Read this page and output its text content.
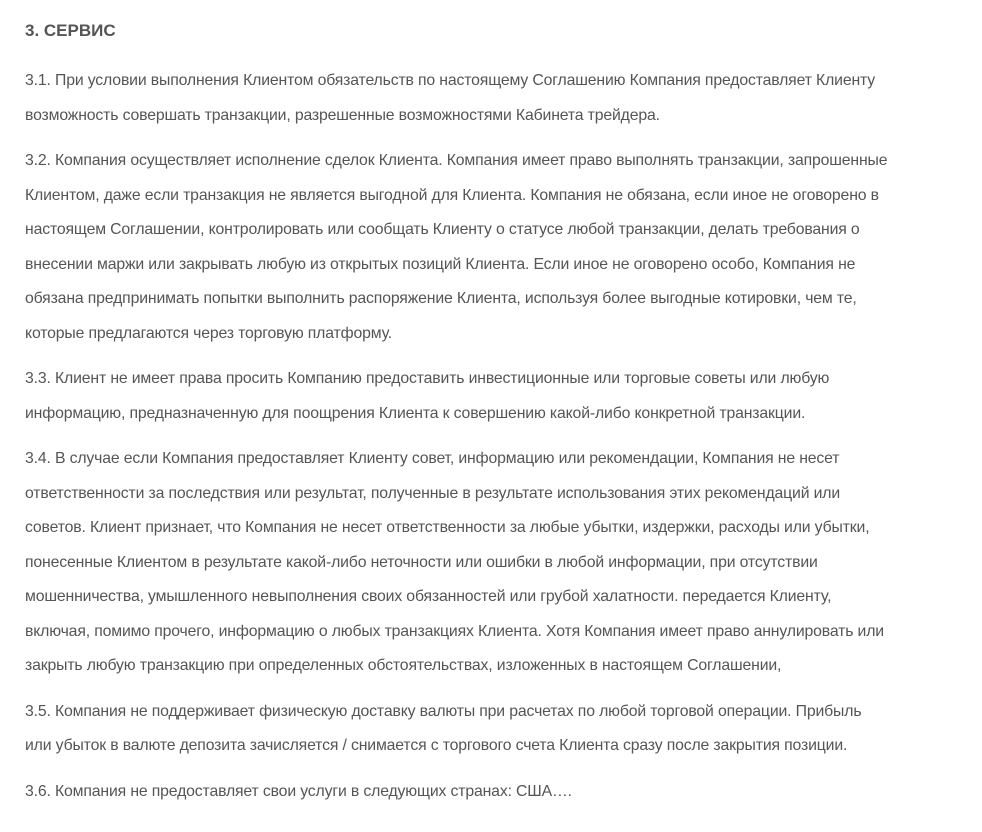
3. СЕРВИС

3.1. При условии выполнения Клиентом обязательств по настоящему Соглашению Компания предоставляет Клиенту
возможность совершать транзакции, разрешенные возможностями Кабинета трейдера.

3.2. Компания осуществляет исполнение сделок Клиента. Компания имеет право выполнять транзакции, запрошенные
Клиентом, даже если транзакция не является выгодной для Клиента. Компания не обязана, если иное не оговорено в
настоящем Соглашении, контролировать или сообщать Клиенту о статусе любой транзакции, делать требования о
внесении маржи или закрывать любую из открытых позиций Клиента. Если иное не оговорено особо, Компания не
обязана предпринимать попытки выполнить распоряжение Клиента, используя более выгодные котировки, чем те,
которые предлагаются через торговую платформу.

3.3. Клиент не имеет права просить Компанию предоставить инвестиционные или торговые советы или любую
информацию, предназначенную для поощрения Клиента к совершению какой-либо конкретной транзакции.

3.4. В случае если Компания предоставляет Клиенту совет, информацию или рекомендации, Компания не несет
ответственности за последствия или результат, полученные в результате использования этих рекомендаций или
советов. Клиент признает, что Компания не несет ответственности за любые убытки, издержки, расходы или убытки,
понесенные Клиентом в результате какой-либо неточности или ошибки в любой информации, при отсутствии
мошенничества, умышленного невыполнения своих обязанностей или грубой халатности. передается Клиенту,
включая, помимо прочего, информацию о любых транзакциях Клиента. Хотя Компания имеет право аннулировать или
закрыть любую транзакцию при определенных обстоятельствах, изложенных в настоящем Соглашении,

3.5. Компания не поддерживает физическую доставку валюты при расчетах по любой торговой операции. Прибыль
или убыток в валюте депозита зачисляется / снимается с торгового счета Клиента сразу после закрытия позиции.

3.6. Компания не предоставляет свои услуги в следующих странах: США….
